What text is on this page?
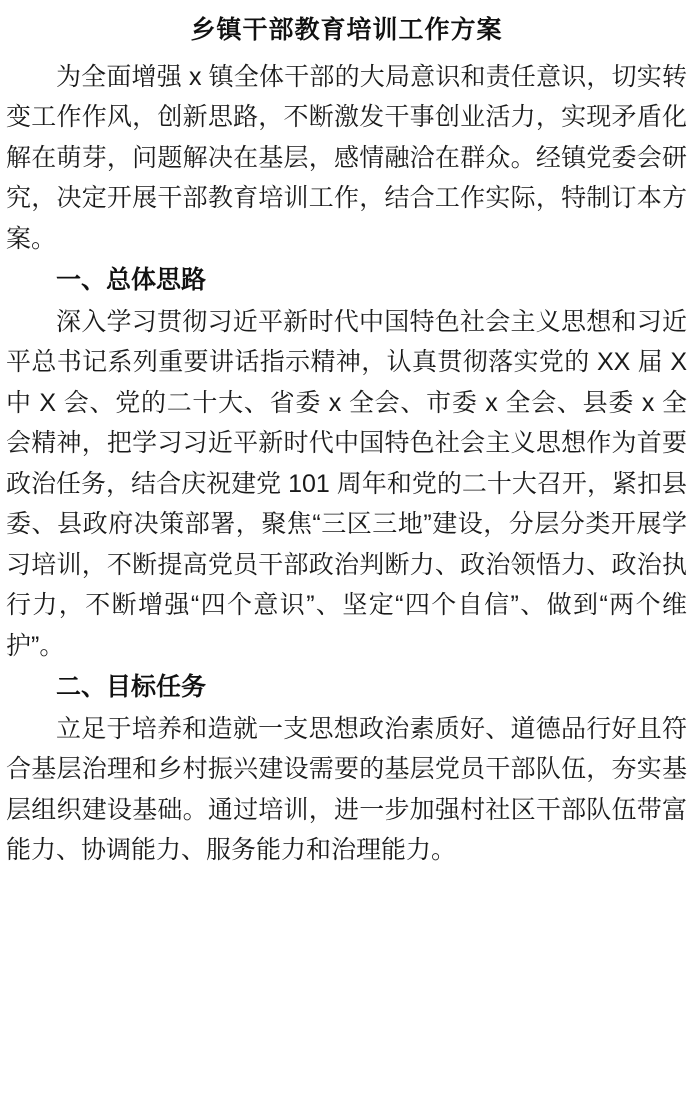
乡镇干部教育培训工作方案

为全面增强 x 镇全体干部的大局意识和责任意识，切实转变工作作风，创新思路，不断激发干事创业活力，实现矛盾化解在萌芽，问题解决在基层，感情融洽在群众。经镇党委会研究，决定开展干部教育培训工作，结合工作实际，特制订本方案。

一、总体思路

深入学习贯彻习近平新时代中国特色社会主义思想和习近平总书记系列重要讲话指示精神，认真贯彻落实党的 XX 届 X 中 X 会、党的二十大、省委 x 全会、市委 x 全会、县委 x 全会精神，把学习习近平新时代中国特色社会主义思想作为首要政治任务，结合庆祝建党 101 周年和党的二十大召开，紧扣县委、县政府决策部署，聚焦“三区三地”建设，分层分类开展学习培训，不断提高党员干部政治判断力、政治领悟力、政治执行力，不断增强“四个意识”、坚定“四个自信”、做到“两个维护”。

二、目标任务

立足于培养和造就一支思想政治素质好、道德品行好且符合基层治理和乡村振兴建设需要的基层党员干部队伍，夯实基层组织建设基础。通过培训，进一步加强村社区干部队伍带富能力、协调能力、服务能力和治理能力。
